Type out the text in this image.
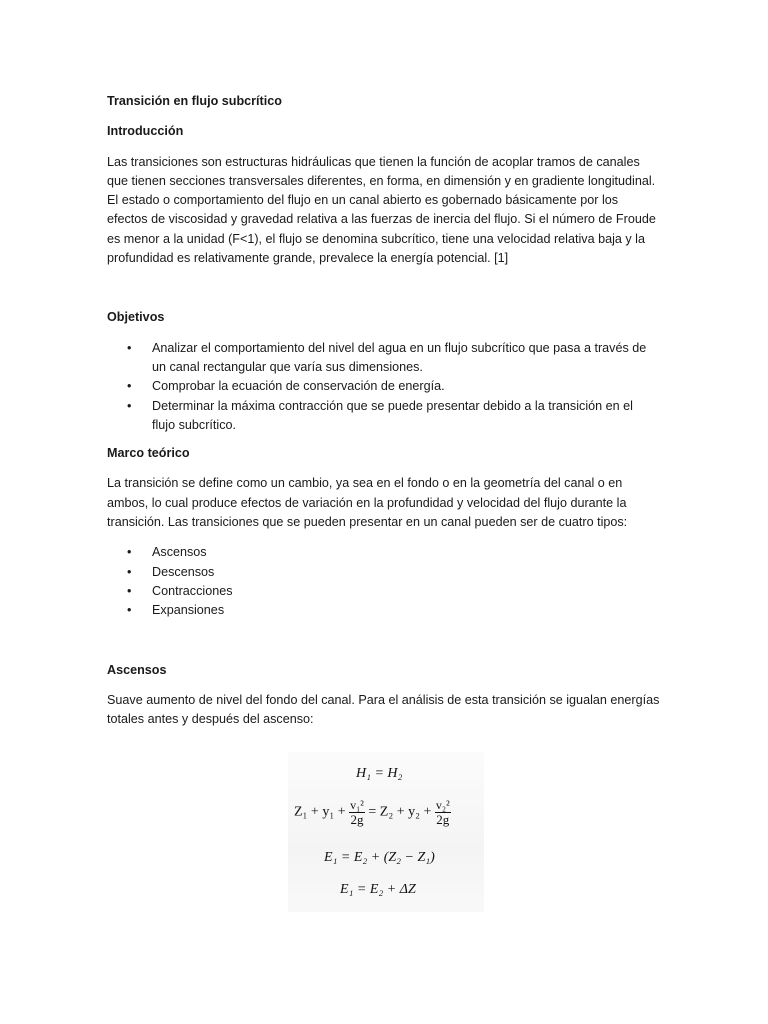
Transición en flujo subcrítico

Introducción

Las transiciones son estructuras hidráulicas que tienen la función de acoplar tramos de canales
que tienen secciones transversales diferentes, en forma, en dimensión y en gradiente longitudinal.
El estado o comportamiento del flujo en un canal abierto es gobernado básicamente por los
efectos de viscosidad y gravedad relativa a las fuerzas de inercia del flujo. Si el número de Froude
es menor a la unidad (F<1), el flujo se denomina subcrítico, tiene una velocidad relativa baja y la
profundidad es relativamente grande, prevalece la energía potencial. [1]

Objetivos

• Analizar el comportamiento del nivel del agua en un flujo subcrítico que pasa a través de
un canal rectangular que varía sus dimensiones.
• Comprobar la ecuación de conservación de energía.
• Determinar la máxima contracción que se puede presentar debido a la transición en el
flujo subcrítico.

Marco teórico

La transición se define como un cambio, ya sea en el fondo o en la geometría del canal o en
ambos, lo cual produce efectos de variación en la profundidad y velocidad del flujo durante la
transición. Las transiciones que se pueden presentar en un canal pueden ser de cuatro tipos:
• Ascensos
• Descensos
• Contracciones
• Expansiones

Ascensos

Suave aumento de nivel del fondo del canal. Para el análisis de esta transición se igualan energías
totales antes y después del ascenso:
H₁ = H₂
$Z_1 + y_1 + \frac{\text{v₁²}}{2g} = Z_2 + y_2 + \frac{\text{v₂²}}{2g}$
E₁ = E₂ + (Z₂ − Z₁)
E₁ = E₂ + ΔZ
